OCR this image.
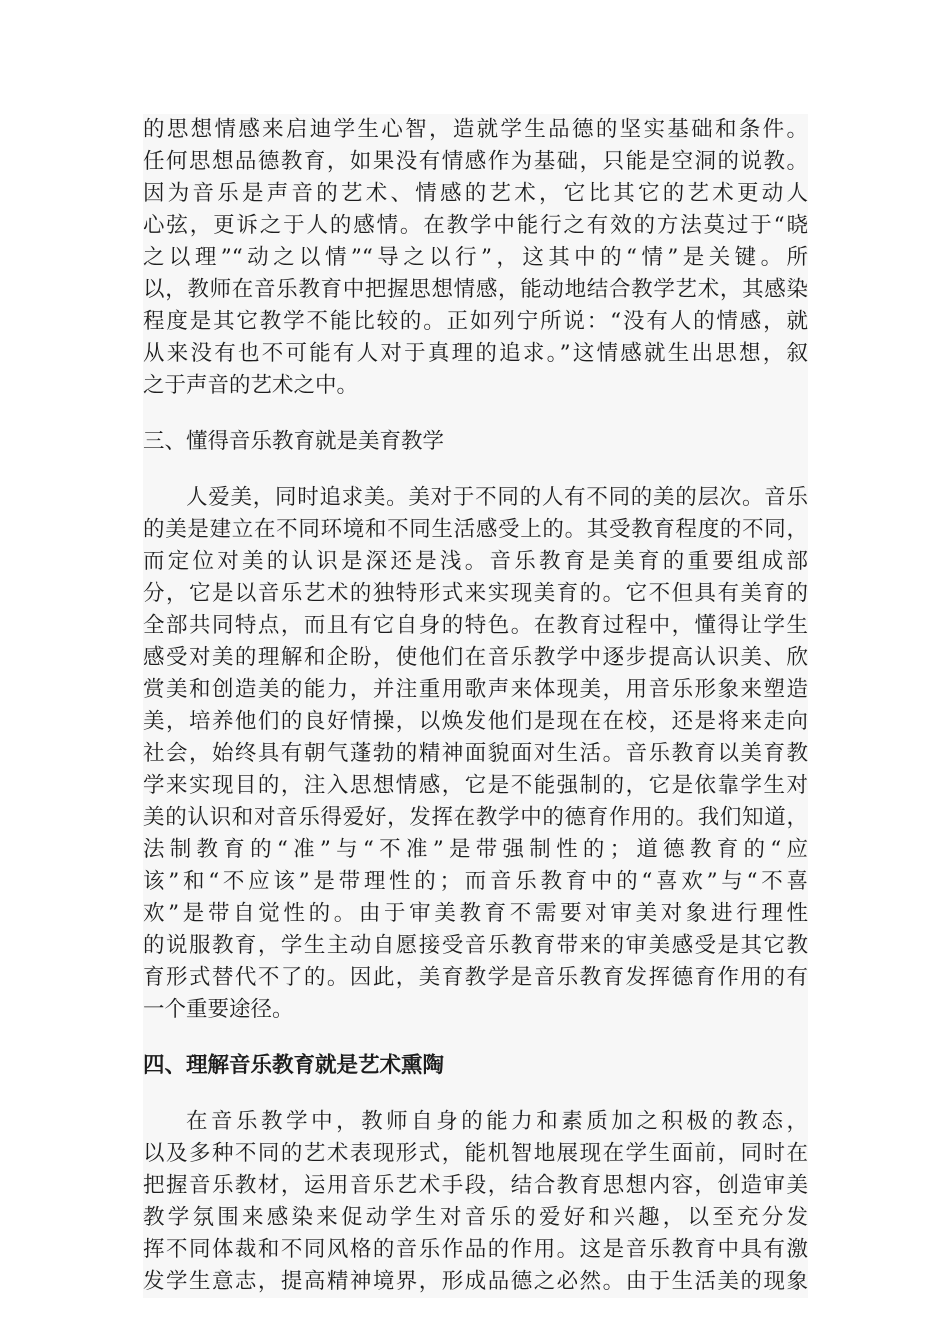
的思想情感来启迪学生心智，造就学生品德的坚实基础和条件。
任何思想品德教育，如果没有情感作为基础，只能是空洞的说教。
因为音乐是声音的艺术、情感的艺术，它比其它的艺术更动人
心弦，更诉之于人的感情。在教学中能行之有效的方法莫过于“晓
之以理”“动之以情”“导之以行”，这其中的“情”是关键。所
以，教师在音乐教育中把握思想情感，能动地结合教学艺术，其感染
程度是其它教学不能比较的。正如列宁所说：“没有人的情感，就
从来没有也不可能有人对于真理的追求。”这情感就生出思想，叙
之于声音的艺术之中。
三、懂得音乐教育就是美育教学
人爱美，同时追求美。美对于不同的人有不同的美的层次。音乐
的美是建立在不同环境和不同生活感受上的。其受教育程度的不同，
而定位对美的认识是深还是浅。音乐教育是美育的重要组成部
分，它是以音乐艺术的独特形式来实现美育的。它不但具有美育的
全部共同特点，而且有它自身的特色。在教育过程中，懂得让学生
感受对美的理解和企盼，使他们在音乐教学中逐步提高认识美、欣
赏美和创造美的能力，并注重用歌声来体现美，用音乐形象来塑造
美，培养他们的良好情操，以焕发他们是现在在校，还是将来走向
社会，始终具有朝气蓬勃的精神面貌面对生活。音乐教育以美育教
学来实现目的，注入思想情感，它是不能强制的，它是依靠学生对
美的认识和对音乐得爱好，发挥在教学中的德育作用的。我们知道，
法制教育的“准”与“不准”是带强制性的；道德教育的“应
该”和“不应该”是带理性的；而音乐教育中的“喜欢”与“不喜
欢”是带自觉性的。由于审美教育不需要对审美对象进行理性
的说服教育，学生主动自愿接受音乐教育带来的审美感受是其它教
育形式替代不了的。因此，美育教学是音乐教育发挥德育作用的有
一个重要途径。
四、理解音乐教育就是艺术熏陶
在音乐教学中，教师自身的能力和素质加之积极的教态，
以及多种不同的艺术表现形式，能机智地展现在学生面前，同时在
把握音乐教材，运用音乐艺术手段，结合教育思想内容，创造审美
教学氛围来感染来促动学生对音乐的爱好和兴趣，以至充分发
挥不同体裁和不同风格的音乐作品的作用。这是音乐教育中具有激
发学生意志，提高精神境界，形成品德之必然。由于生活美的现象
